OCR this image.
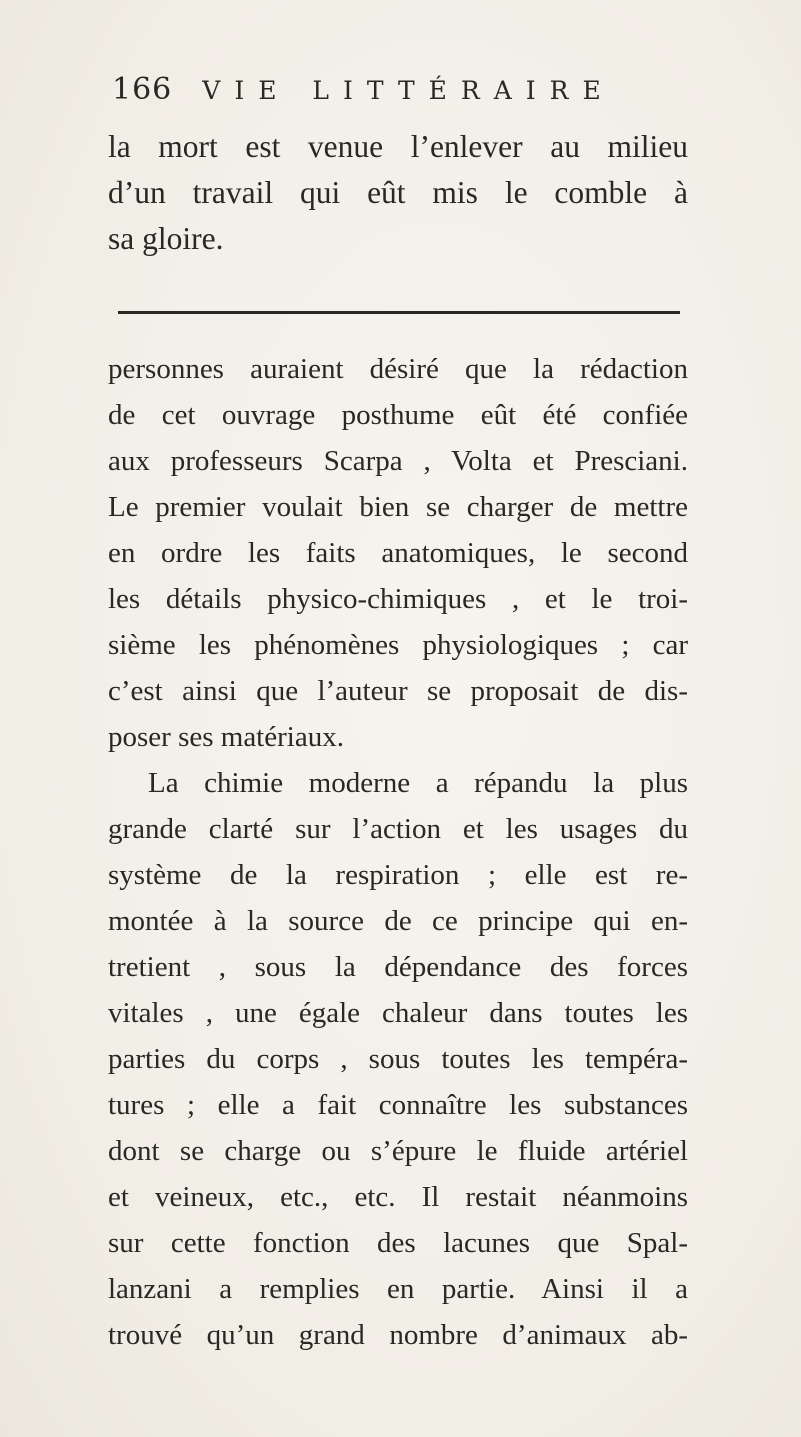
166 VIE LITTÉRAIRE
la mort est venue l’enlever au milieu
d’un travail qui eût mis le comble à
sa gloire.
personnes auraient désiré que la rédaction
de cet ouvrage posthume eût été confiée
aux professeurs Scarpa , Volta et Presciani.
Le premier voulait bien se charger de mettre
en ordre les faits anatomiques, le second
les détails physico-chimiques , et le troi-
sième les phénomènes physiologiques ; car
c’est ainsi que l’auteur se proposait de dis-
poser ses matériaux.
La chimie moderne a répandu la plus
grande clarté sur l’action et les usages du
système de la respiration ; elle est re-
montée à la source de ce principe qui en-
tretient , sous la dépendance des forces
vitales , une égale chaleur dans toutes les
parties du corps , sous toutes les tempéra-
tures ; elle a fait connaître les substances
dont se charge ou s’épure le fluide artériel
et veineux, etc., etc. Il restait néanmoins
sur cette fonction des lacunes que Spal-
lanzani a remplies en partie. Ainsi il a
trouvé qu’un grand nombre d’animaux ab-
